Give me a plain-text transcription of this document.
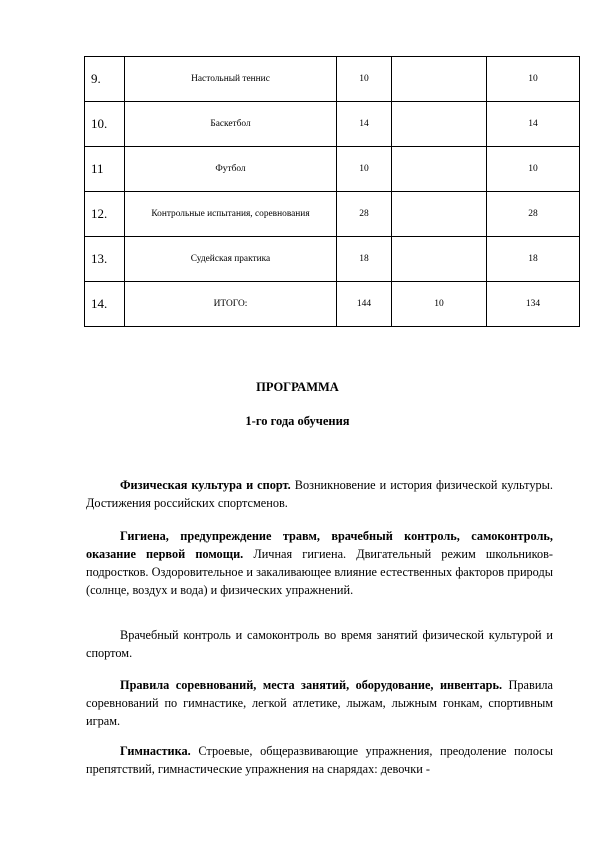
9.	Настольный теннис	10		10
10.	Баскетбол	14		14
11	Футбол	10		10
12.	Контрольные испытания, соревнования	28		28
13.	Судейская практика	18		18
14.	ИТОГО:	144	10	134
ПРОГРАММА
1-го года обучения

Физическая культура и спорт. Возникновение и история физической культуры. Достижения российских спортсменов.

Гигиена, предупреждение травм, врачебный контроль, самоконтроль, оказание первой помощи. Личная гигиена. Двигательный режим школьников-подростков. Оздоровительное и закаливающее влияние естественных факторов природы (солнце, воздух и вода) и физических упражнений.

Врачебный контроль и самоконтроль во время занятий физической культурой и спортом.

Правила соревнований, места занятий, оборудование, инвентарь. Правила соревнований по гимнастике, легкой атлетике, лыжам, лыжным гонкам, спортивным играм.

Гимнастика. Строевые, общеразвивающие упражнения, преодоление полосы препятствий, гимнастические упражнения на снарядах: девочки -
